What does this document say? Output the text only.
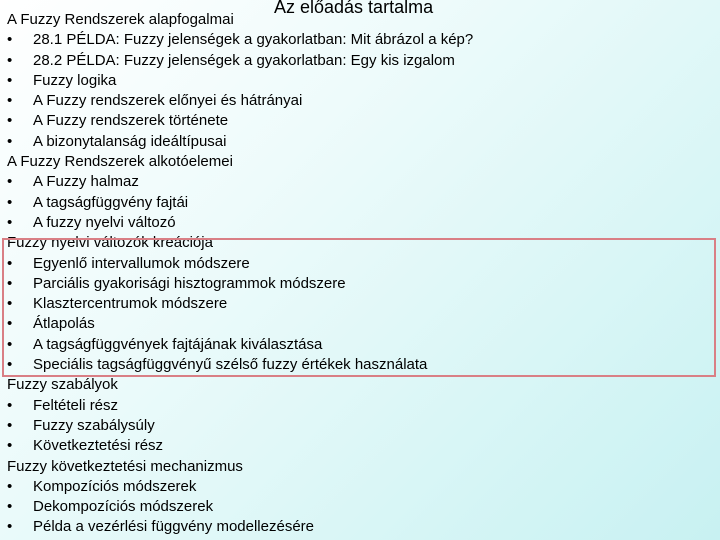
Az előadás tartalma
A Fuzzy Rendszerek alapfogalmai
• 28.1 PÉLDA: Fuzzy jelenségek a gyakorlatban: Mit ábrázol a kép?
• 28.2 PÉLDA: Fuzzy jelenségek a gyakorlatban: Egy kis izgalom
• Fuzzy logika
• A Fuzzy rendszerek előnyei és hátrányai
• A Fuzzy rendszerek története
• A bizonytalanság ideáltípusai
A Fuzzy Rendszerek alkotóelemei
• A Fuzzy halmaz
• A tagságfüggvény fajtái
• A fuzzy nyelvi változó
Fuzzy nyelvi változók kreációja
• Egyenlő intervallumok módszere
• Parciális gyakorisági hisztogrammok módszere
• Klasztercentrumok módszere
• Átlapolás
• A tagságfüggvények fajtájának kiválasztása
• Speciális tagságfüggvényű szélső fuzzy értékek használata
Fuzzy szabályok
• Feltételi rész
• Fuzzy szabálysúly
• Következtetési rész
Fuzzy következtetési mechanizmus
• Kompozíciós módszerek
• Dekompozíciós módszerek
• Példa a vezérlési függvény modellezésére
